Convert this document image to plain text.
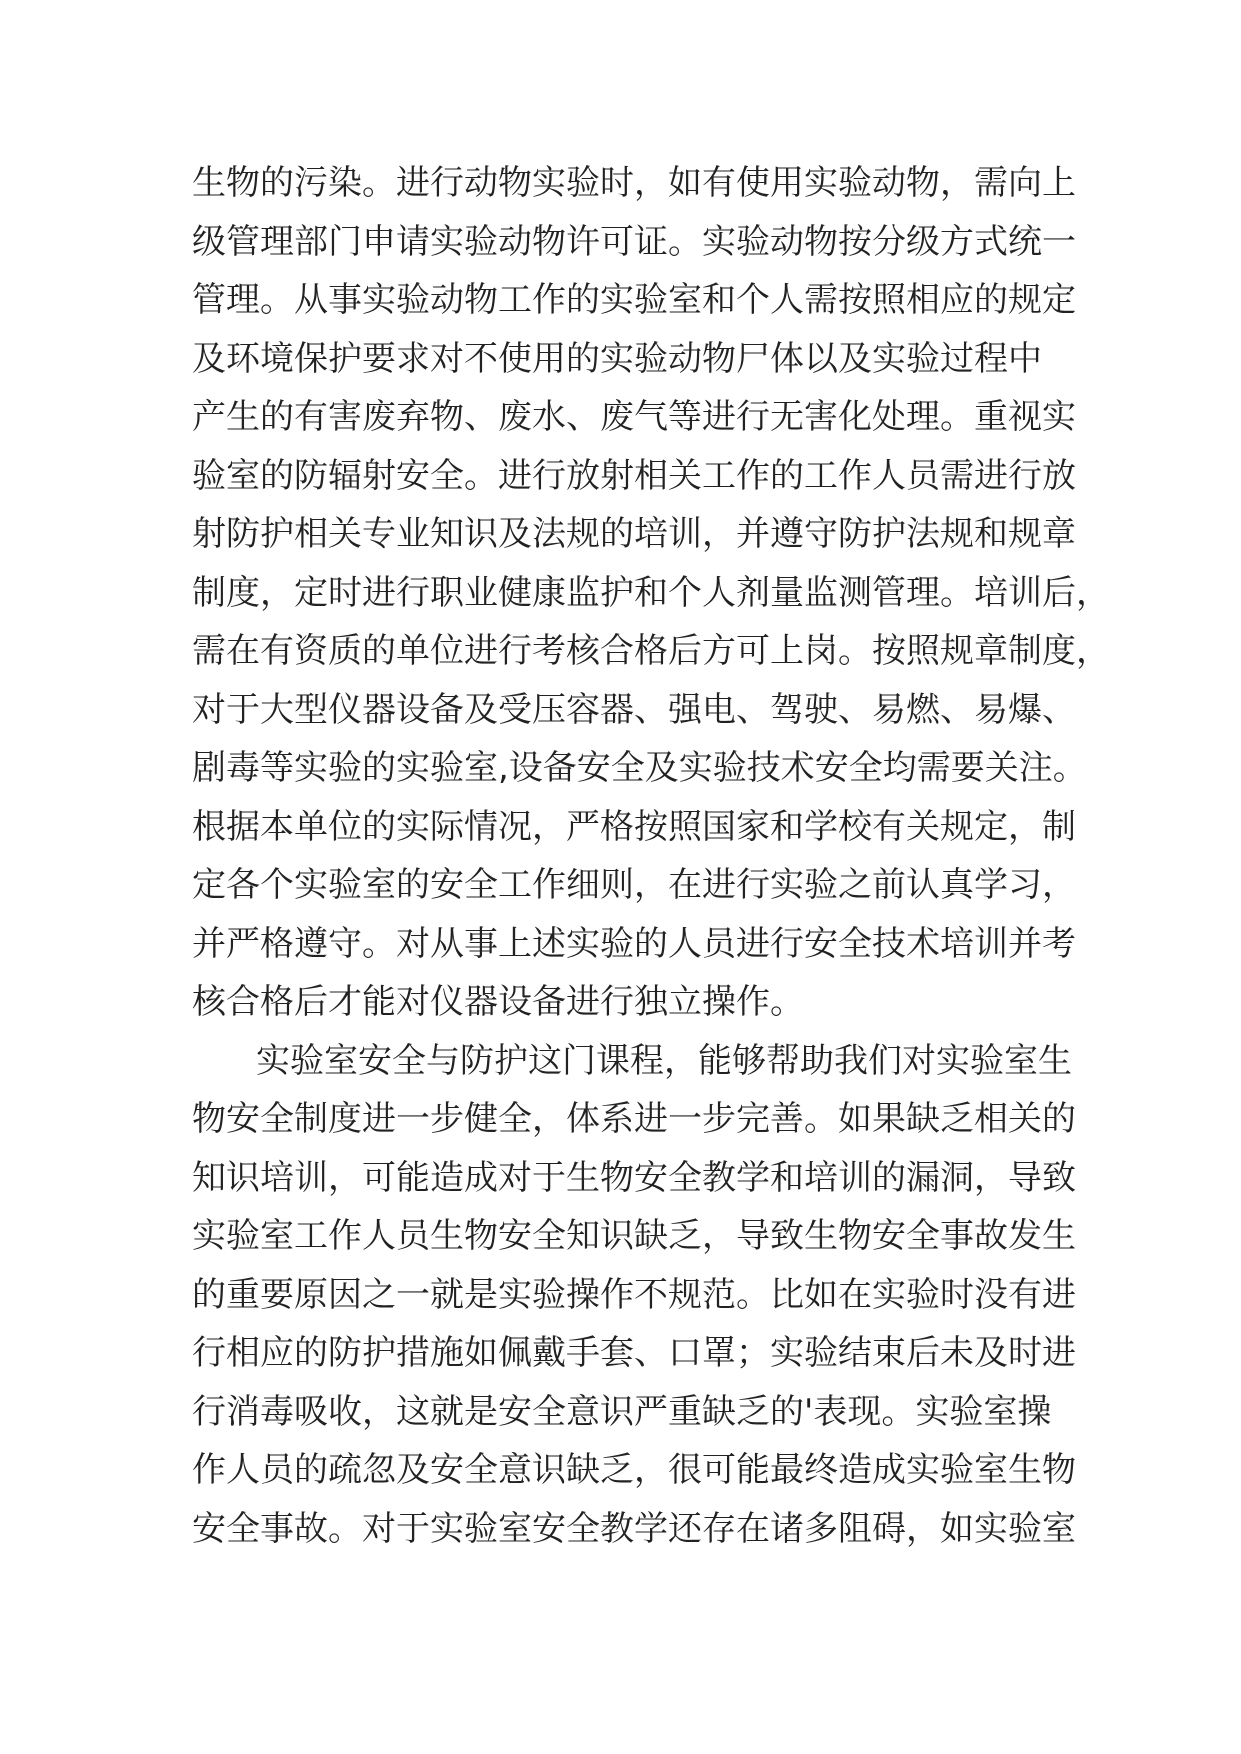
生物的污染。进行动物实验时，如有使用实验动物，需向上
级管理部门申请实验动物许可证。实验动物按分级方式统一
管理。从事实验动物工作的实验室和个人需按照相应的规定
及环境保护要求对不使用的实验动物尸体以及实验过程中
产生的有害废弃物、废水、废气等进行无害化处理。重视实
验室的防辐射安全。进行放射相关工作的工作人员需进行放
射防护相关专业知识及法规的培训，并遵守防护法规和规章
制度，定时进行职业健康监护和个人剂量监测管理。培训后，
需在有资质的单位进行考核合格后方可上岗。按照规章制度，
对于大型仪器设备及受压容器、强电、驾驶、易燃、易爆、
剧毒等实验的实验室,设备安全及实验技术安全均需要关注。
根据本单位的实际情况，严格按照国家和学校有关规定，制
定各个实验室的安全工作细则，在进行实验之前认真学习，
并严格遵守。对从事上述实验的人员进行安全技术培训并考
核合格后才能对仪器设备进行独立操作。
实验室安全与防护这门课程，能够帮助我们对实验室生
物安全制度进一步健全，体系进一步完善。如果缺乏相关的
知识培训，可能造成对于生物安全教学和培训的漏洞，导致
实验室工作人员生物安全知识缺乏，导致生物安全事故发生
的重要原因之一就是实验操作不规范。比如在实验时没有进
行相应的防护措施如佩戴手套、口罩；实验结束后未及时进
行消毒吸收，这就是安全意识严重缺乏的'表现。实验室操
作人员的疏忽及安全意识缺乏，很可能最终造成实验室生物
安全事故。对于实验室安全教学还存在诸多阻碍，如实验室
